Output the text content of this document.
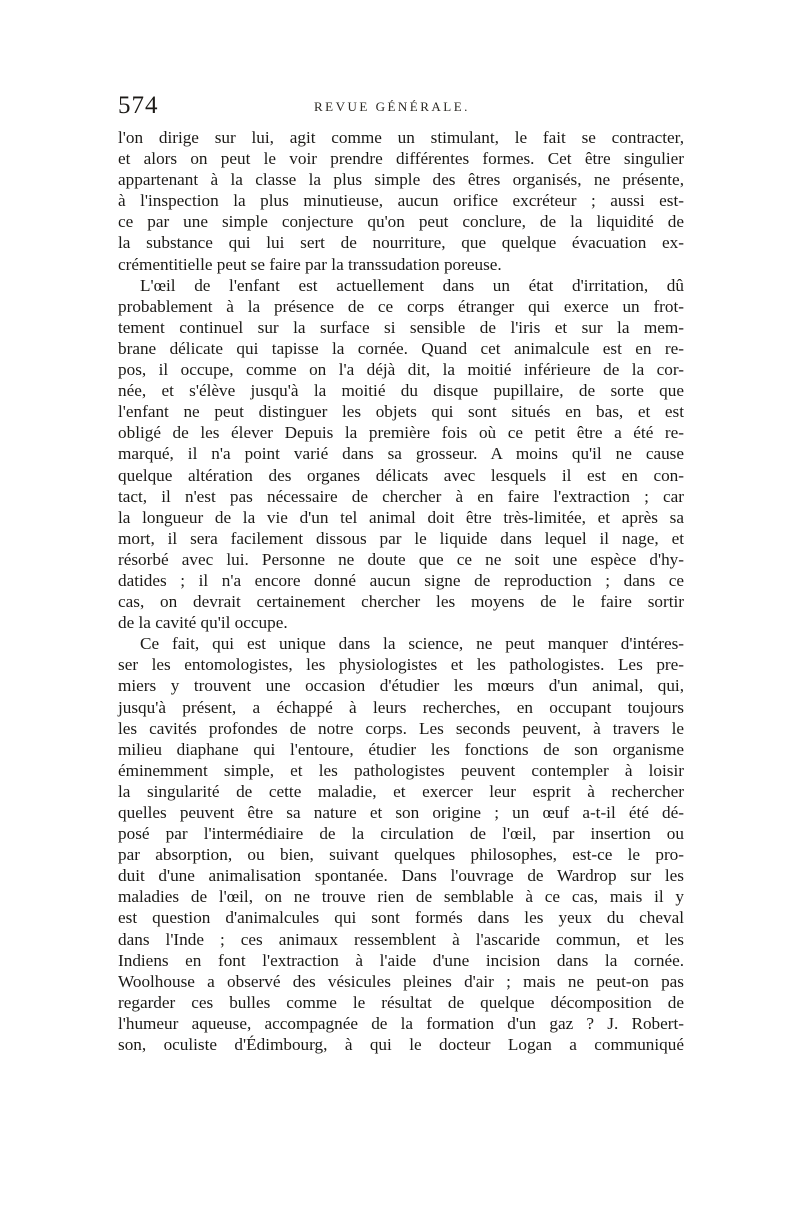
574	REVUE GÉNÉRALE.
l'on dirige sur lui, agit comme un stimulant, le fait se contracter,
et alors on peut le voir prendre différentes formes. Cet être singulier
appartenant à la classe la plus simple des êtres organisés, ne présente,
à l'inspection la plus minutieuse, aucun orifice excréteur ; aussi est-
ce par une simple conjecture qu'on peut conclure, de la liquidité de
la substance qui lui sert de nourriture, que quelque évacuation ex-
crémentitielle peut se faire par la transsudation poreuse.
L'œil de l'enfant est actuellement dans un état d'irritation, dû
probablement à la présence de ce corps étranger qui exerce un frot-
tement continuel sur la surface si sensible de l'iris et sur la mem-
brane délicate qui tapisse la cornée. Quand cet animalcule est en re-
pos, il occupe, comme on l'a déjà dit, la moitié inférieure de la cor-
née, et s'élève jusqu'à la moitié du disque pupillaire, de sorte que
l'enfant ne peut distinguer les objets qui sont situés en bas, et est
obligé de les élever Depuis la première fois où ce petit être a été re-
marqué, il n'a point varié dans sa grosseur. A moins qu'il ne cause
quelque altération des organes délicats avec lesquels il est en con-
tact, il n'est pas nécessaire de chercher à en faire l'extraction ; car
la longueur de la vie d'un tel animal doit être très-limitée, et après sa
mort, il sera facilement dissous par le liquide dans lequel il nage, et
résorbé avec lui. Personne ne doute que ce ne soit une espèce d'hy-
datides ; il n'a encore donné aucun signe de reproduction ; dans ce
cas, on devrait certainement chercher les moyens de le faire sortir
de la cavité qu'il occupe.
Ce fait, qui est unique dans la science, ne peut manquer d'intéres-
ser les entomologistes, les physiologistes et les pathologistes. Les pre-
miers y trouvent une occasion d'étudier les mœurs d'un animal, qui,
jusqu'à présent, a échappé à leurs recherches, en occupant toujours
les cavités profondes de notre corps. Les seconds peuvent, à travers le
milieu diaphane qui l'entoure, étudier les fonctions de son organisme
éminemment simple, et les pathologistes peuvent contempler à loisir
la singularité de cette maladie, et exercer leur esprit à rechercher
quelles peuvent être sa nature et son origine ; un œuf a-t-il été dé-
posé par l'intermédiaire de la circulation de l'œil, par insertion ou
par absorption, ou bien, suivant quelques philosophes, est-ce le pro-
duit d'une animalisation spontanée. Dans l'ouvrage de Wardrop sur les
maladies de l'œil, on ne trouve rien de semblable à ce cas, mais il y
est question d'animalcules qui sont formés dans les yeux du cheval
dans l'Inde ; ces animaux ressemblent à l'ascaride commun, et les
Indiens en font l'extraction à l'aide d'une incision dans la cornée.
Woolhouse a observé des vésicules pleines d'air ; mais ne peut-on pas
regarder ces bulles comme le résultat de quelque décomposition de
l'humeur aqueuse, accompagnée de la formation d'un gaz ? J. Robert-
son, oculiste d'Édimbourg, à qui le docteur Logan a communiqué
